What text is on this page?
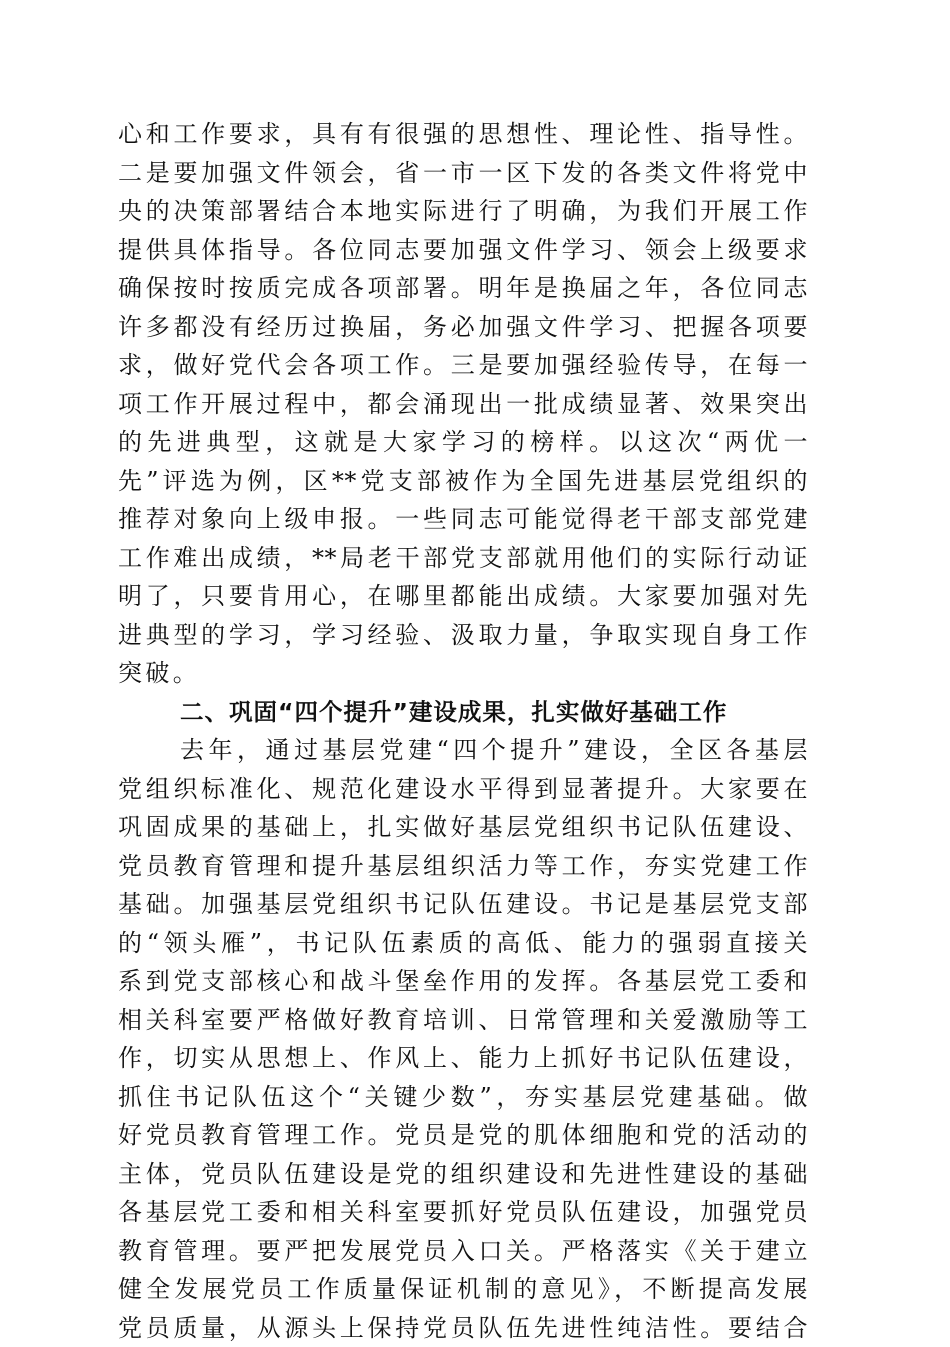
心和工作要求，具有有很强的思想性、理论性、指导性。
二是要加强文件领会，省一市一区下发的各类文件将党中
央的决策部署结合本地实际进行了明确，为我们开展工作
提供具体指导。各位同志要加强文件学习、领会上级要求
确保按时按质完成各项部署。明年是换届之年，各位同志
许多都没有经历过换届，务必加强文件学习、把握各项要
求，做好党代会各项工作。三是要加强经验传导，在每一
项工作开展过程中，都会涌现出一批成绩显著、效果突出
的先进典型，这就是大家学习的榜样。以这次“两优一
先”评选为例，区**党支部被作为全国先进基层党组织的
推荐对象向上级申报。一些同志可能觉得老干部支部党建
工作难出成绩，**局老干部党支部就用他们的实际行动证
明了，只要肯用心，在哪里都能出成绩。大家要加强对先
进典型的学习，学习经验、汲取力量，争取实现自身工作
突破。
二、巩固“四个提升”建设成果，扎实做好基础工作
去年，通过基层党建“四个提升”建设，全区各基层
党组织标准化、规范化建设水平得到显著提升。大家要在
巩固成果的基础上，扎实做好基层党组织书记队伍建设、
党员教育管理和提升基层组织活力等工作，夯实党建工作
基础。加强基层党组织书记队伍建设。书记是基层党支部
的“领头雁”，书记队伍素质的高低、能力的强弱直接关
系到党支部核心和战斗堡垒作用的发挥。各基层党工委和
相关科室要严格做好教育培训、日常管理和关爱激励等工
作，切实从思想上、作风上、能力上抓好书记队伍建设，
抓住书记队伍这个“关键少数”，夯实基层党建基础。做
好党员教育管理工作。党员是党的肌体细胞和党的活动的
主体，党员队伍建设是党的组织建设和先进性建设的基础
各基层党工委和相关科室要抓好党员队伍建设，加强党员
教育管理。要严把发展党员入口关。严格落实《关于建立
健全发展党员工作质量保证机制的意见》，不断提高发展
党员质量，从源头上保持党员队伍先进性纯洁性。要结合
